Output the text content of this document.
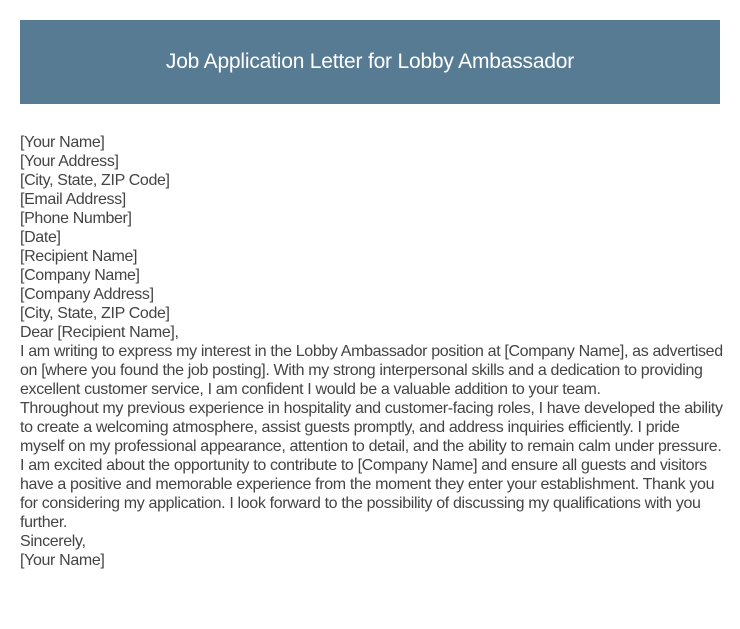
Job Application Letter for Lobby Ambassador

[Your Name]

[Your Address]

[City, State, ZIP Code]

[Email Address]

[Phone Number]

[Date]

[Recipient Name]

[Company Name]

[Company Address]

[City, State, ZIP Code]

Dear [Recipient Name],

I am writing to express my interest in the Lobby Ambassador position at [Company Name], as advertised on [where you found the job posting]. With my strong interpersonal skills and a dedication to providing excellent customer service, I am confident I would be a valuable addition to your team.

Throughout my previous experience in hospitality and customer-facing roles, I have developed the ability to create a welcoming atmosphere, assist guests promptly, and address inquiries efficiently. I pride myself on my professional appearance, attention to detail, and the ability to remain calm under pressure.

I am excited about the opportunity to contribute to [Company Name] and ensure all guests and visitors have a positive and memorable experience from the moment they enter your establishment. Thank you for considering my application. I look forward to the possibility of discussing my qualifications with you further.

Sincerely,

[Your Name]
